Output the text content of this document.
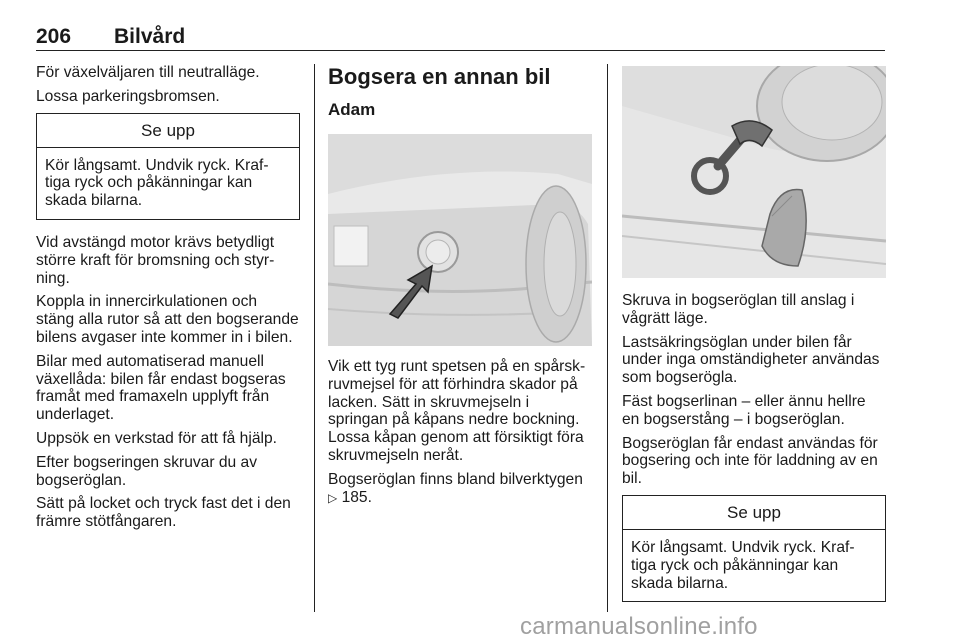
206 Bilvård

För växelväljaren till neutralläge.

Lossa parkeringsbromsen.

Se upp
Kör långsamt. Undvik ryck. Kraf-
tiga ryck och påkänningar kan
skada bilarna.

Vid avstängd motor krävs betydligt
större kraft för bromsning och styr-
ning.

Koppla in innercirkulationen och
stäng alla rutor så att den bogserande
bilens avgaser inte kommer in i bilen.

Bilar med automatiserad manuell
växellåda: bilen får endast bogseras
framåt med framaxeln upplyft från
underlaget.

Uppsök en verkstad för att få hjälp.

Efter bogseringen skruvar du av
bogseröglan.

Sätt på locket och tryck fast det i den
främre stötfångaren.

Bogsera en annan bil
Adam

Vik ett tyg runt spetsen på en spårsk-
ruvmejsel för att förhindra skador på
lacken. Sätt in skruvmejseln i
springan på kåpans nedre bockning.
Lossa kåpan genom att försiktigt föra
skruvmejseln neråt.

Bogseröglan finns bland bilverktygen
▷ 185.

Skruva in bogseröglan till anslag i
vågrätt läge.

Lastsäkringsöglan under bilen får
under inga omständigheter användas
som bogserögla.

Fäst bogserlinan – eller ännu hellre
en bogserstång – i bogseröglan.

Bogseröglan får endast användas för
bogsering och inte för laddning av en
bil.

Se upp
Kör långsamt. Undvik ryck. Kraf-
tiga ryck och påkänningar kan
skada bilarna.
carmanualsonline.info
